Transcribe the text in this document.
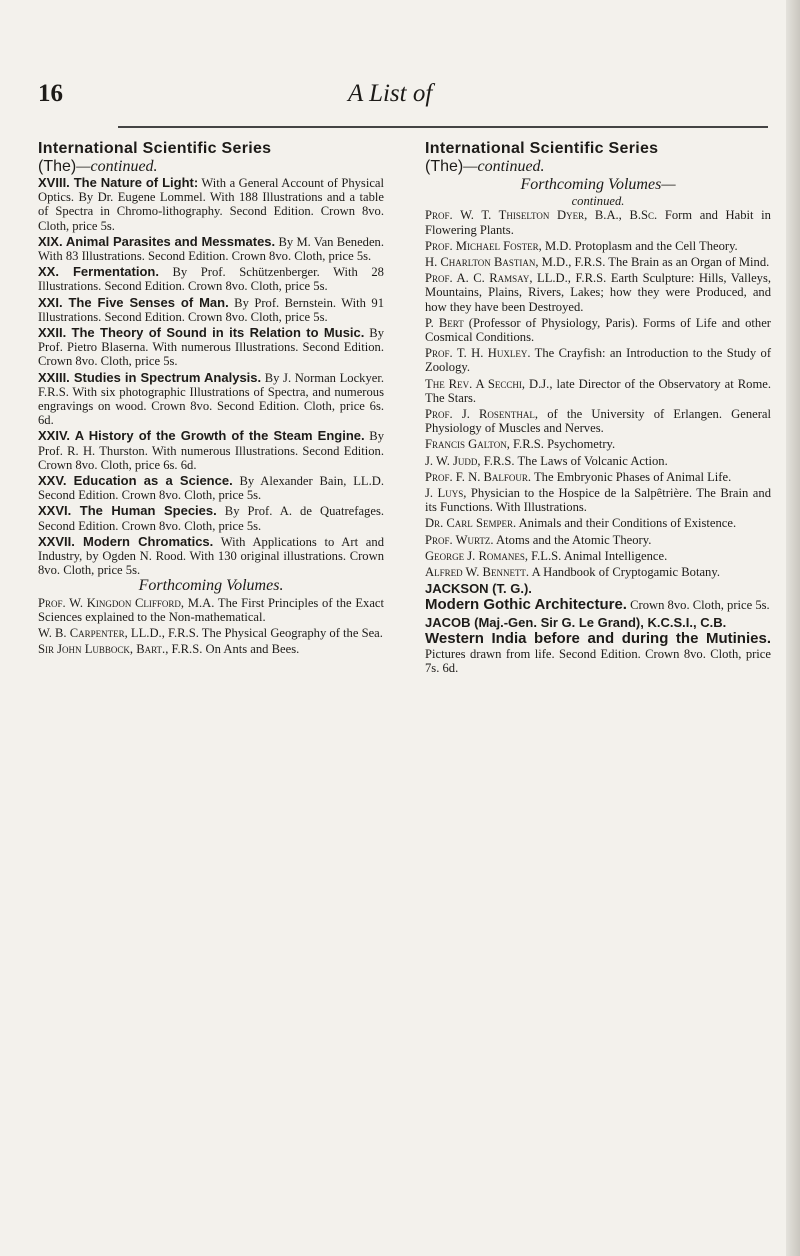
16	A List of
International Scientific Series
(The)—continued.
XVIII. The Nature of Light: With a General Account of Physical Optics. By Dr. Eugene Lommel. With 188 Illustrations and a table of Spectra in Chromo-lithography. Second Edition. Crown 8vo. Cloth, price 5s.
XIX. Animal Parasites and Messmates. By M. Van Beneden. With 83 Illustrations. Second Edition. Crown 8vo. Cloth, price 5s.
XX. Fermentation. By Prof. Schützenberger. With 28 Illustrations. Second Edition. Crown 8vo. Cloth, price 5s.
XXI. The Five Senses of Man. By Prof. Bernstein. With 91 Illustrations. Second Edition. Crown 8vo. Cloth, price 5s.
XXII. The Theory of Sound in its Relation to Music. By Prof. Pietro Blaserna. With numerous Illustrations. Second Edition. Crown 8vo. Cloth, price 5s.
XXIII. Studies in Spectrum Analysis. By J. Norman Lockyer. F.R.S. With six photographic Illustrations of Spectra, and numerous engravings on wood. Crown 8vo. Second Edition. Cloth, price 6s. 6d.
XXIV. A History of the Growth of the Steam Engine. By Prof. R. H. Thurston. With numerous Illustrations. Second Edition. Crown 8vo. Cloth, price 6s. 6d.
XXV. Education as a Science. By Alexander Bain, LL.D. Second Edition. Crown 8vo. Cloth, price 5s.
XXVI. The Human Species. By Prof. A. de Quatrefages. Second Edition. Crown 8vo. Cloth, price 5s.
XXVII. Modern Chromatics. With Applications to Art and Industry, by Ogden N. Rood. With 130 original illustrations. Crown 8vo. Cloth, price 5s.
Forthcoming Volumes.
Prof. W. Kingdon Clifford, M.A. The First Principles of the Exact Sciences explained to the Non-mathematical.
W. B. Carpenter, LL.D., F.R.S. The Physical Geography of the Sea.
Sir John Lubbock, Bart., F.R.S. On Ants and Bees.
International Scientific Series
(The)—continued.
Forthcoming Volumes—
continued.
Prof. W. T. Thiselton Dyer, B.A., B.Sc. Form and Habit in Flowering Plants.
Prof. Michael Foster, M.D. Protoplasm and the Cell Theory.
H. Charlton Bastian, M.D., F.R.S. The Brain as an Organ of Mind.
Prof. A. C. Ramsay, LL.D., F.R.S. Earth Sculpture: Hills, Valleys, Mountains, Plains, Rivers, Lakes; how they were Produced, and how they have been Destroyed.
P. Bert (Professor of Physiology, Paris). Forms of Life and other Cosmical Conditions.
Prof. T. H. Huxley. The Crayfish: an Introduction to the Study of Zoology.
The Rev. A Secchi, D.J., late Director of the Observatory at Rome. The Stars.
Prof. J. Rosenthal, of the University of Erlangen. General Physiology of Muscles and Nerves.
Francis Galton, F.R.S. Psychometry.
J. W. Judd, F.R.S. The Laws of Volcanic Action.
Prof. F. N. Balfour. The Embryonic Phases of Animal Life.
J. Luys, Physician to the Hospice de la Salpêtrière. The Brain and its Functions. With Illustrations.
Dr. Carl Semper. Animals and their Conditions of Existence.
Prof. Wurtz. Atoms and the Atomic Theory.
George J. Romanes, F.L.S. Animal Intelligence.
Alfred W. Bennett. A Handbook of Cryptogamic Botany.
JACKSON (T. G.).
Modern Gothic Architecture. Crown 8vo. Cloth, price 5s.
JACOB (Maj.-Gen. Sir G. Le Grand), K.C.S.I., C.B.
Western India before and during the Mutinies. Pictures drawn from life. Second Edition. Crown 8vo. Cloth, price 7s. 6d.
